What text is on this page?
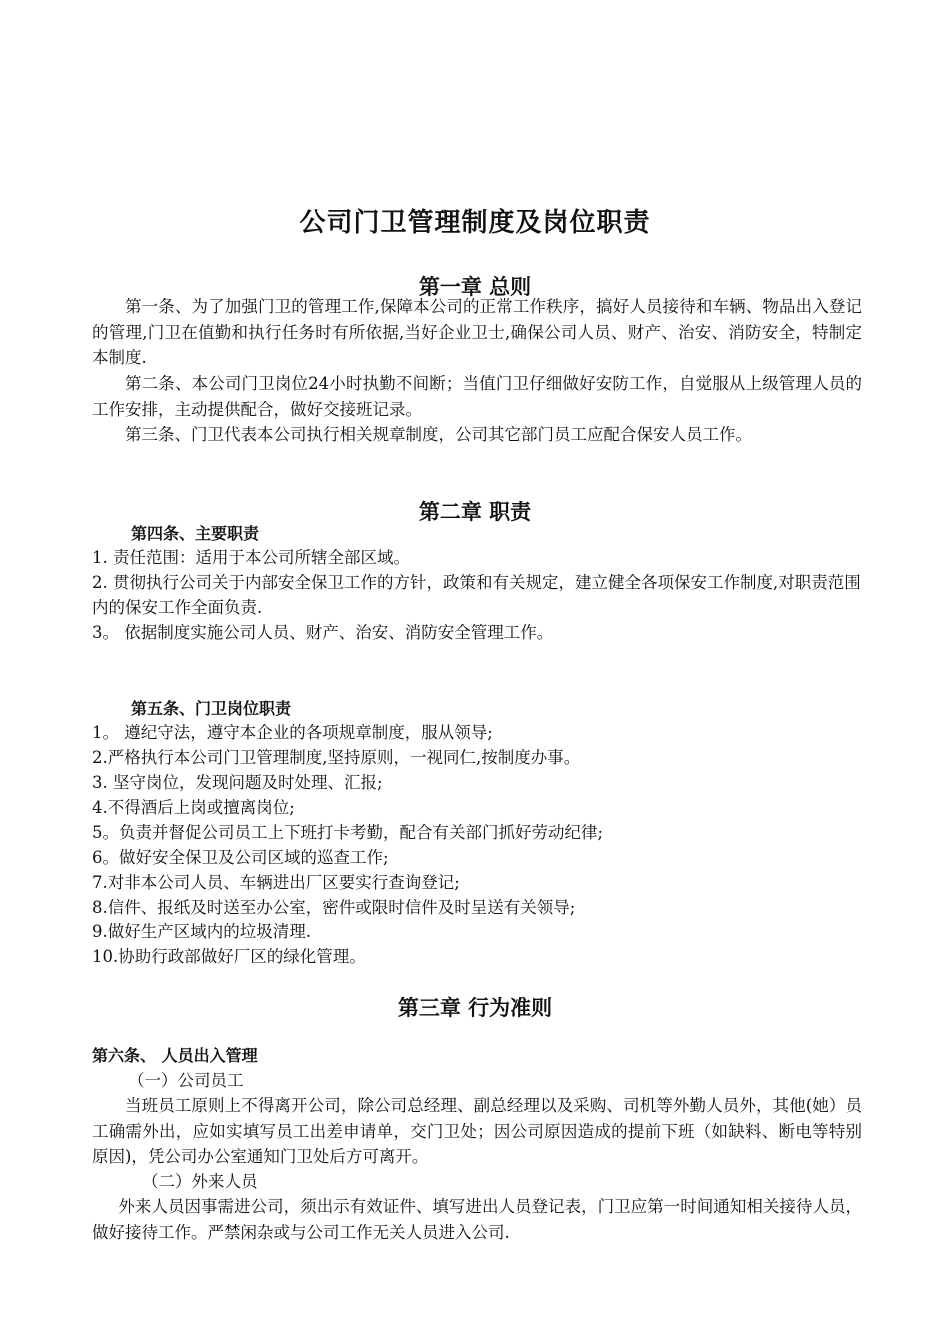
公司门卫管理制度及岗位职责
第一章 总则
第一条、为了加强门卫的管理工作,保障本公司的正常工作秩序，搞好人员接待和车辆、物品出入登记的管理,门卫在值勤和执行任务时有所依据,当好企业卫士,确保公司人员、财产、治安、消防安全，特制定本制度.
第二条、本公司门卫岗位24小时执勤不间断；当值门卫仔细做好安防工作，自觉服从上级管理人员的工作安排，主动提供配合，做好交接班记录。
第三条、门卫代表本公司执行相关规章制度，公司其它部门员工应配合保安人员工作。
第二章 职责
第四条、主要职责
1. 责任范围：适用于本公司所辖全部区域。
2. 贯彻执行公司关于内部安全保卫工作的方针，政策和有关规定，建立健全各项保安工作制度,对职责范围内的保安工作全面负责.
3。 依据制度实施公司人员、财产、治安、消防安全管理工作。
第五条、门卫岗位职责
1。 遵纪守法，遵守本企业的各项规章制度，服从领导;
2.严格执行本公司门卫管理制度,坚持原则，一视同仁,按制度办事。
3. 坚守岗位，发现问题及时处理、汇报;
4.不得酒后上岗或擅离岗位;
5。负责并督促公司员工上下班打卡考勤，配合有关部门抓好劳动纪律;
6。做好安全保卫及公司区域的巡查工作;
7.对非本公司人员、车辆进出厂区要实行查询登记;
8.信件、报纸及时送至办公室，密件或限时信件及时呈送有关领导;
9.做好生产区域内的垃圾清理.
10.协助行政部做好厂区的绿化管理。
第三章 行为准则
第六条、 人员出入管理
（一）公司员工
当班员工原则上不得离开公司，除公司总经理、副总经理以及采购、司机等外勤人员外，其他(她）员工确需外出，应如实填写员工出差申请单，交门卫处；因公司原因造成的提前下班（如缺料、断电等特别原因)，凭公司办公室通知门卫处后方可离开。
（二）外来人员
外来人员因事需进公司，须出示有效证件、填写进出人员登记表，门卫应第一时间通知相关接待人员，做好接待工作。严禁闲杂或与公司工作无关人员进入公司.
